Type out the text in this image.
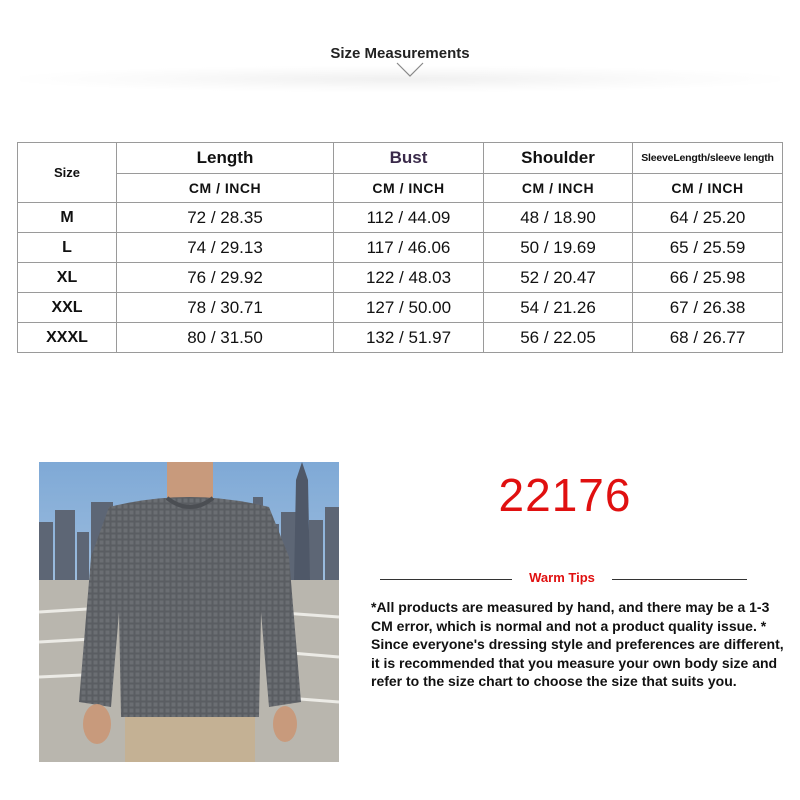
Size Measurements
Size	Length	Bust	Shoulder	SleeveLength/sleeve length
	CM / INCH	CM / INCH	CM / INCH	CM / INCH
M	72 / 28.35	112 / 44.09	48 / 18.90	64 / 25.20
L	74 / 29.13	117 / 46.06	50 / 19.69	65 / 25.59
XL	76 / 29.92	122 / 48.03	52 / 20.47	66 / 25.98
XXL	78 / 30.71	127 / 50.00	54 / 21.26	67 / 26.38
XXXL	80 / 31.50	132 / 51.97	56 / 22.05	68 / 26.77
22176
Warm Tips
*All products are measured by hand, and there may be a 1-3 CM error, which is normal and not a product quality issue. * Since everyone's dressing style and preferences are different, it is recommended that you measure your own body size and refer to the size chart to choose the size that suits you.
